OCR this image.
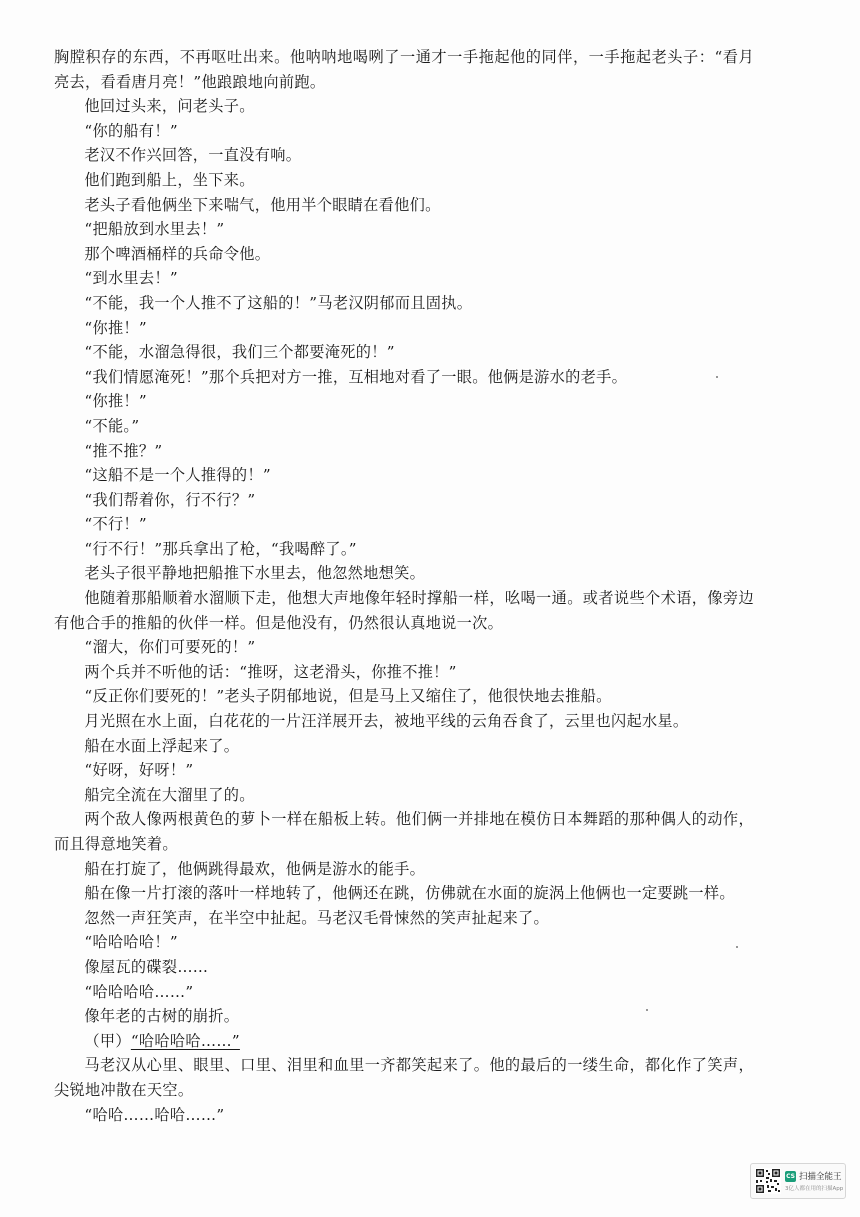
胸膛积存的东西，不再呕吐出来。他呐呐地喝咧了一通才一手拖起他的同伴，一手拖起老头子：“看月亮去，看看唐月亮！”他踉踉地向前跑。

他回过头来，问老头子。

“你的船有！”

老汉不作兴回答，一直没有响。

他们跑到船上，坐下来。

老头子看他俩坐下来喘气，他用半个眼睛在看他们。

“把船放到水里去！”

那个啤酒桶样的兵命令他。

“到水里去！”

“不能，我一个人推不了这船的！”马老汉阴郁而且固执。

“你推！”

“不能，水溜急得很，我们三个都要淹死的！”

“我们情愿淹死！”那个兵把对方一推，互相地对看了一眼。他俩是游水的老手。

“你推！”

“不能。”

“推不推？”

“这船不是一个人推得的！”

“我们帮着你，行不行？”

“不行！”

“行不行！”那兵拿出了枪，“我喝醉了。”

老头子很平静地把船推下水里去，他忽然地想笑。

他随着那船顺着水溜顺下走，他想大声地像年轻时撑船一样，吆喝一通。或者说些个术语，像旁边有他合手的推船的伙伴一样。但是他没有，仍然很认真地说一次。

“溜大，你们可要死的！”

两个兵并不听他的话：“推呀，这老滑头，你推不推！”

“反正你们要死的！”老头子阴郁地说，但是马上又缩住了，他很快地去推船。

月光照在水上面，白花花的一片汪洋展开去，被地平线的云角吞食了，云里也闪起水星。

船在水面上浮起来了。

“好呀，好呀！”

船完全流在大溜里了的。

两个敌人像两根黄色的萝卜一样在船板上转。他们俩一并排地在模仿日本舞蹈的那种偶人的动作，而且得意地笑着。

船在打旋了，他俩跳得最欢，他俩是游水的能手。

船在像一片打滚的落叶一样地转了，他俩还在跳，仿佛就在水面的旋涡上他俩也一定要跳一样。

忽然一声狂笑声，在半空中扯起。马老汉毛骨悚然的笑声扯起来了。

“哈哈哈哈！”

像屋瓦的碟裂……

“哈哈哈哈……”

像年老的古树的崩折。

（甲）“哈哈哈哈……”

马老汉从心里、眼里、口里、泪里和血里一齐都笑起来了。他的最后的一缕生命，都化作了笑声，尖锐地冲散在天空。

“哈哈……哈哈……”

CS 扫描全能王
3亿人都在用的扫描App
